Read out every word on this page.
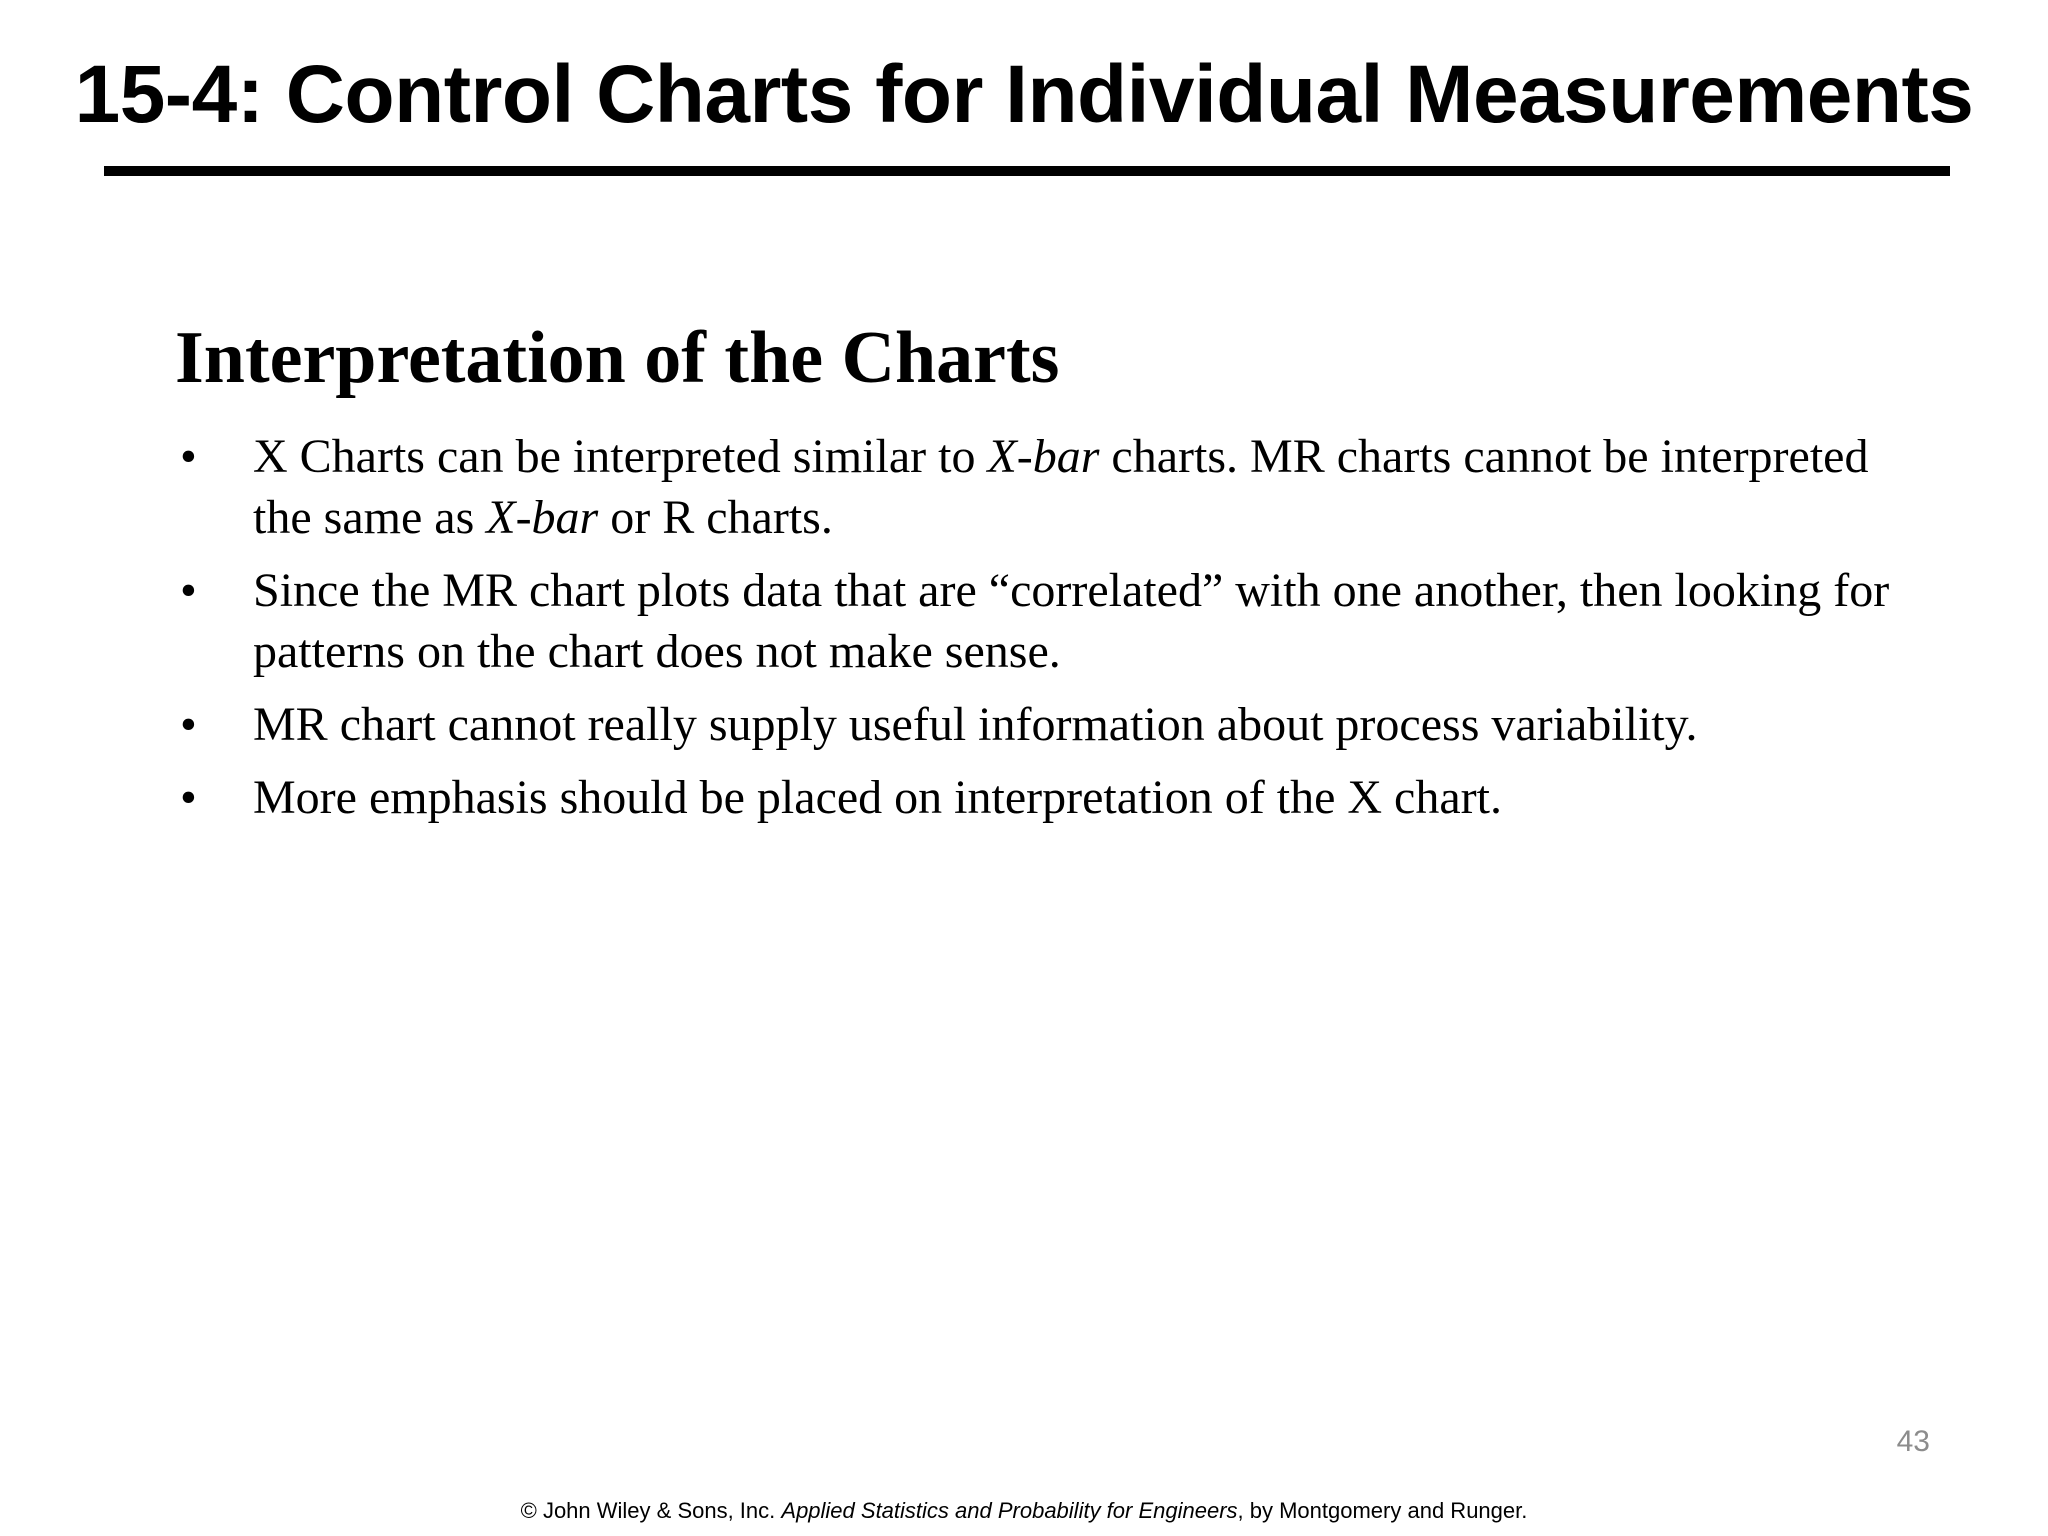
15-4: Control Charts for Individual Measurements
Interpretation of the Charts
• X Charts can be interpreted similar to X-bar charts. MR charts cannot be interpreted the same as X-bar or R charts.
• Since the MR chart plots data that are “correlated” with one another, then looking for patterns on the chart does not make sense.
• MR chart cannot really supply useful information about process variability.
• More emphasis should be placed on interpretation of the X chart.
43
© John Wiley & Sons, Inc. Applied Statistics and Probability for Engineers, by Montgomery and Runger.
